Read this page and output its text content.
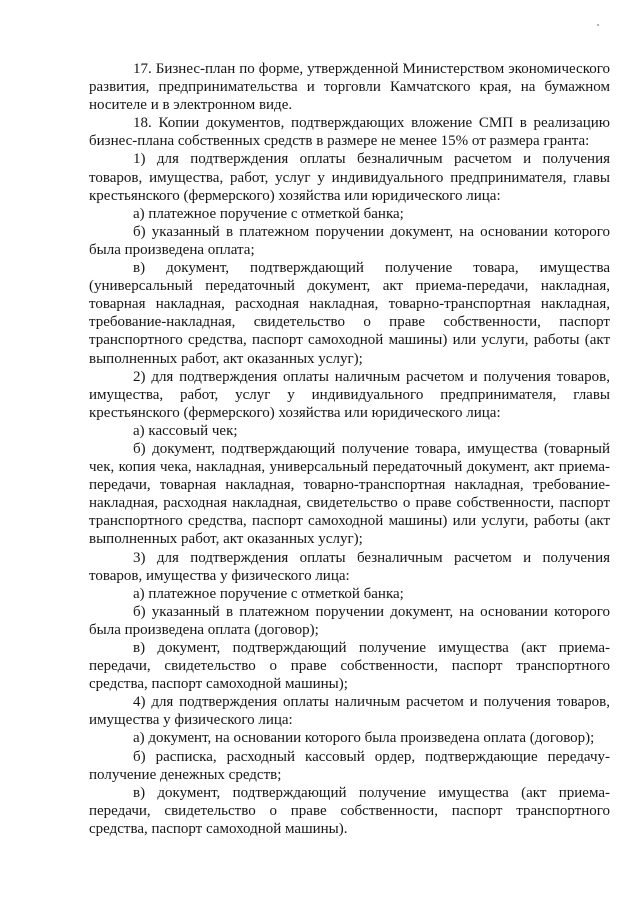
17. Бизнес-план по форме, утвержденной Министерством экономического развития, предпринимательства и торговли Камчатского края, на бумажном носителе и в электронном виде.

18. Копии документов, подтверждающих вложение СМП в реализацию бизнес-плана собственных средств в размере не менее 15% от размера гранта:

1) для подтверждения оплаты безналичным расчетом и получения товаров, имущества, работ, услуг у индивидуального предпринимателя, главы крестьянского (фермерского) хозяйства или юридического лица:

а) платежное поручение с отметкой банка;

б) указанный в платежном поручении документ, на основании которого была произведена оплата;

в) документ, подтверждающий получение товара, имущества (универсальный передаточный документ, акт приема-передачи, накладная, товарная накладная, расходная накладная, товарно-транспортная накладная, требование-накладная, свидетельство о праве собственности, паспорт транспортного средства, паспорт самоходной машины) или услуги, работы (акт выполненных работ, акт оказанных услуг);

2) для подтверждения оплаты наличным расчетом и получения товаров, имущества, работ, услуг у индивидуального предпринимателя, главы крестьянского (фермерского) хозяйства или юридического лица:

а) кассовый чек;

б) документ, подтверждающий получение товара, имущества (товарный чек, копия чека, накладная, универсальный передаточный документ, акт приема-передачи, товарная накладная, товарно-транспортная накладная, требование-накладная, расходная накладная, свидетельство о праве собственности, паспорт транспортного средства, паспорт самоходной машины) или услуги, работы (акт выполненных работ, акт оказанных услуг);

3) для подтверждения оплаты безналичным расчетом и получения товаров, имущества у физического лица:

а) платежное поручение с отметкой банка;

б) указанный в платежном поручении документ, на основании которого была произведена оплата (договор);

в) документ, подтверждающий получение имущества (акт приема-передачи, свидетельство о праве собственности, паспорт транспортного средства, паспорт самоходной машины);

4) для подтверждения оплаты наличным расчетом и получения товаров, имущества у физического лица:

а) документ, на основании которого была произведена оплата (договор);

б) расписка, расходный кассовый ордер, подтверждающие передачу-получение денежных средств;

в) документ, подтверждающий получение имущества (акт приема-передачи, свидетельство о праве собственности, паспорт транспортного средства, паспорт самоходной машины).
